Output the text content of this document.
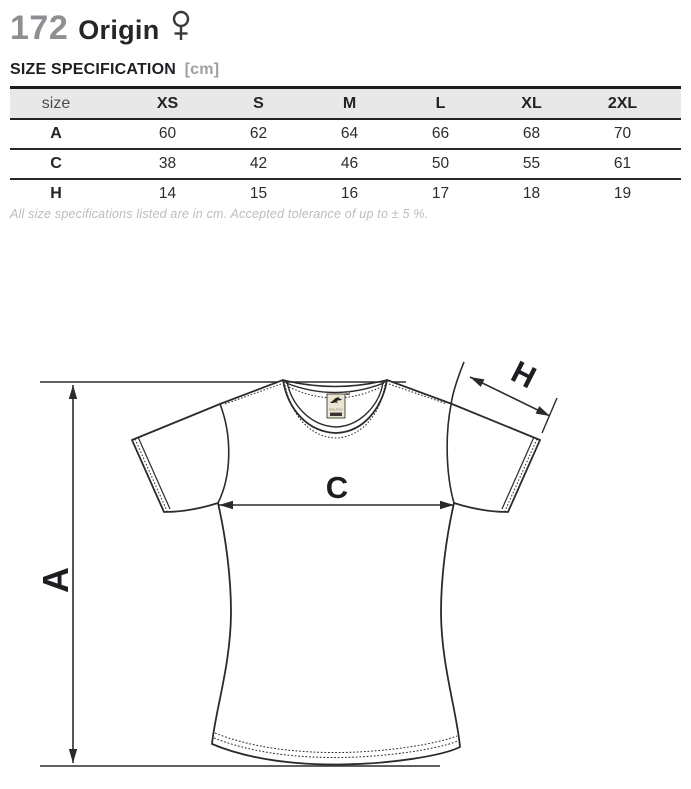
172 Origin
SIZE SPECIFICATION [cm]
size	XS	S	M	L	XL	2XL
A	60	62	64	66	68	70
C	38	42	46	50	55	61
H	14	15	16	17	18	19
All size specifications listed are in cm. Accepted tolerance of up to ± 5 %.
MALFINI
A
C
H
